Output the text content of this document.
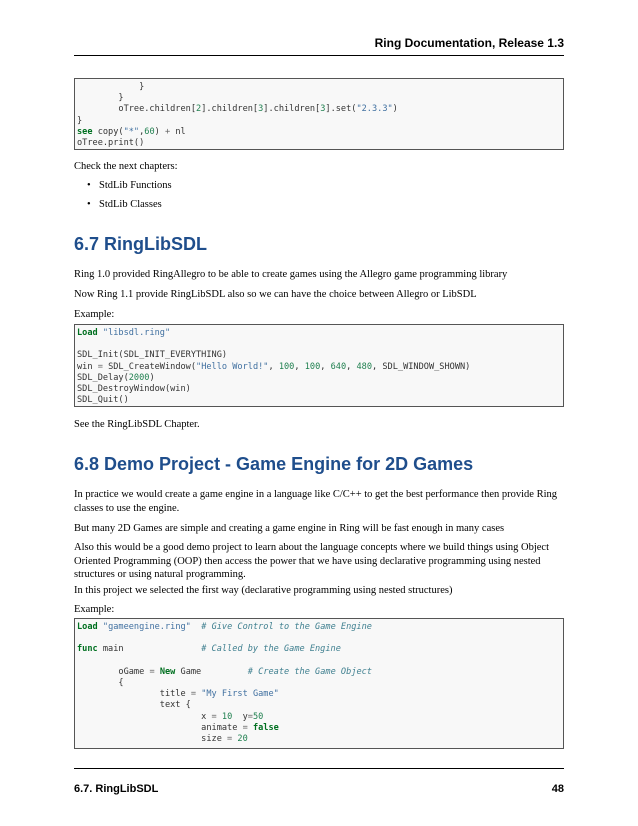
Ring Documentation, Release 1.3
}
}
oTree.children[2].children[3].children[3].set("2.3.3")
}
see copy("*",60) + nl
oTree.print()
Check the next chapters:
• StdLib Functions
• StdLib Classes
6.7 RingLibSDL
Ring 1.0 provided RingAllegro to be able to create games using the Allegro game programming library
Now Ring 1.1 provide RingLibSDL also so we can have the choice between Allegro or LibSDL
Example:
Load "libsdl.ring"

SDL_Init(SDL_INIT_EVERYTHING)
win = SDL_CreateWindow("Hello World!", 100, 100, 640, 480, SDL_WINDOW_SHOWN)
SDL_Delay(2000)
SDL_DestroyWindow(win)
SDL_Quit()
See the RingLibSDL Chapter.
6.8 Demo Project - Game Engine for 2D Games
In practice we would create a game engine in a language like C/C++ to get the best performance then provide Ring classes to use the engine.
But many 2D Games are simple and creating a game engine in Ring will be fast enough in many cases
Also this would be a good demo project to learn about the language concepts where we build things using Object Oriented Programming (OOP) then access the power that we have using declarative programming using nested structures or using natural programming.
In this project we selected the first way (declarative programming using nested structures)
Example:
Load "gameengine.ring" # Give Control to the Game Engine

func main	# Called by the Game Engine

oGame = New Game	# Create the Game Object
{
title = "My First Game"
text {
x = 10  y=50
animate = false
size = 20
6.7. RingLibSDL	48
